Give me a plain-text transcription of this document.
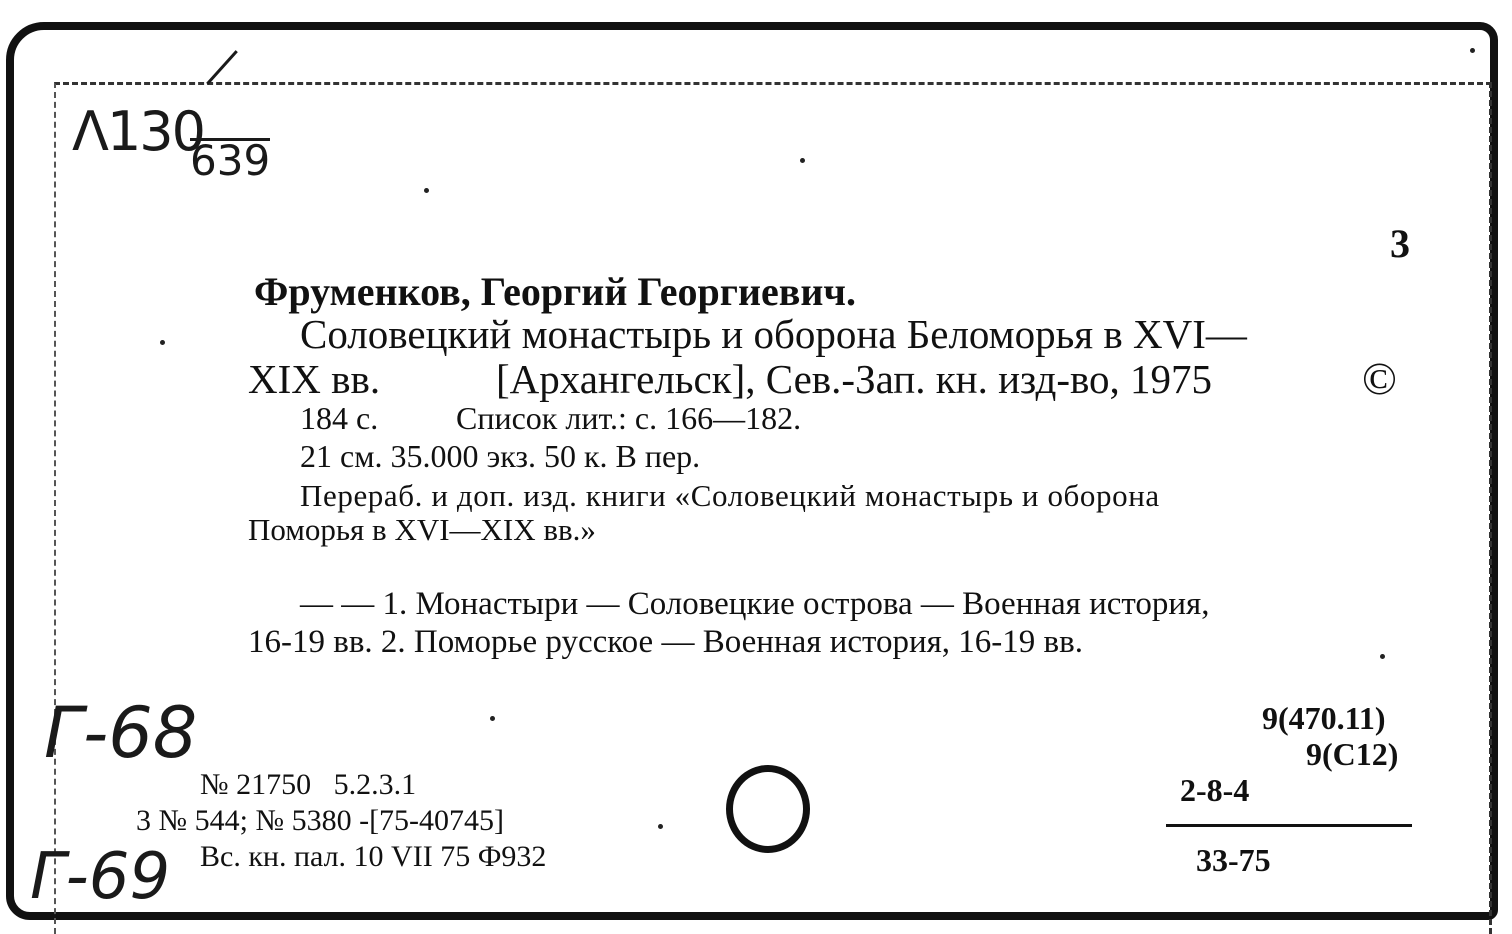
Λ130
639
3
Фруменков, Георгий Георгиевич.
Соловецкий монастырь и оборона Беломорья в XVI—
XIX вв.	[Архангельск], Сев.-Зап. кн. изд-во, 1975	©
184 с. Список лит.: с. 166—182.
21 см. 35.000 экз. 50 к. В пер.
Перераб. и доп. изд. книги «Соловецкий монастырь и оборона
Поморья в XVI—XIX вв.»
— — 1. Монастыри — Соловецкие острова — Военная история,
16-19 вв. 2. Поморье русское — Военная история, 16-19 вв.
Г-68
Г-69
№ 21750   5.2.3.1
3 № 544; № 5380 -[75-40745]
Вс. кн. пал. 10 VII 75 Ф932
9(470.11)
9(С12)
2-8-4
33-75
